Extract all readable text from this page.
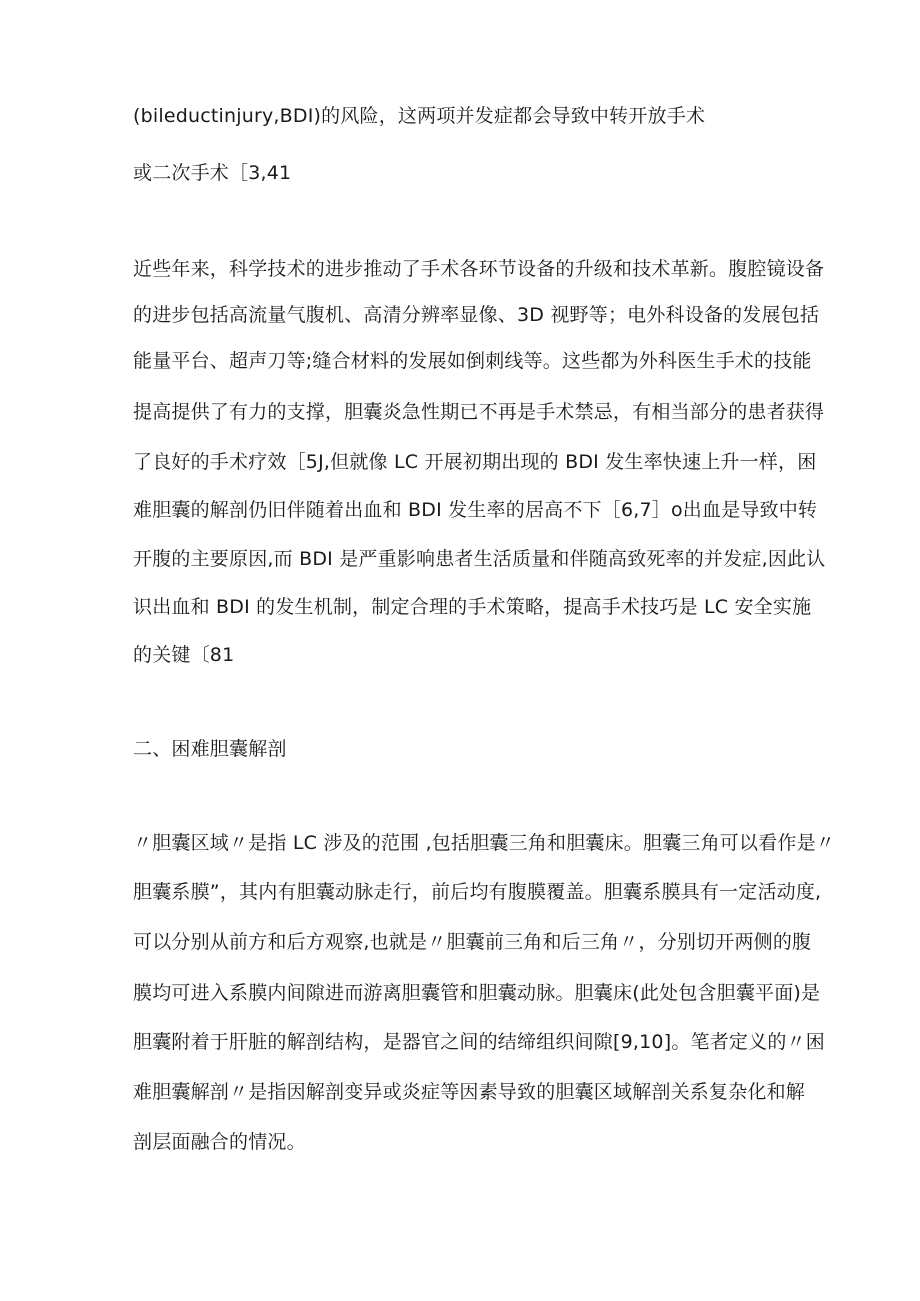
(bileductinjury,BDI)的风险，这两项并发症都会导致中转开放手术
或二次手术［3,41
近些年来，科学技术的进步推动了手术各环节设备的升级和技术革新。腹腔镜设备
的进步包括高流量气腹机、高清分辨率显像、3D 视野等；电外科设备的发展包括
能量平台、超声刀等;缝合材料的发展如倒刺线等。这些都为外科医生手术的技能
提高提供了有力的支撑，胆囊炎急性期已不再是手术禁忌，有相当部分的患者获得
了良好的手术疗效［5J,但就像 LC 开展初期出现的 BDI 发生率快速上升一样，困
难胆囊的解剖仍旧伴随着出血和 BDI 发生率的居高不下［6,7］o出血是导致中转
开腹的主要原因,而 BDI 是严重影响患者生活质量和伴随高致死率的并发症,因此认
识出血和 BDI 的发生机制，制定合理的手术策略，提高手术技巧是 LC 安全实施
的关键〔81
二、困难胆囊解剖
〃胆囊区域〃是指 LC 涉及的范围 ,包括胆囊三角和胆囊床。胆囊三角可以看作是〃
胆囊系膜”，其内有胆囊动脉走行，前后均有腹膜覆盖。胆囊系膜具有一定活动度,
可以分别从前方和后方观察,也就是〃胆囊前三角和后三角〃，分别切开两侧的腹
膜均可进入系膜内间隙进而游离胆囊管和胆囊动脉。胆囊床(此处包含胆囊平面)是
胆囊附着于肝脏的解剖结构，是器官之间的结缔组织间隙[9,10]。笔者定义的〃困
难胆囊解剖〃是指因解剖变异或炎症等因素导致的胆囊区域解剖关系复杂化和解
剖层面融合的情况。
